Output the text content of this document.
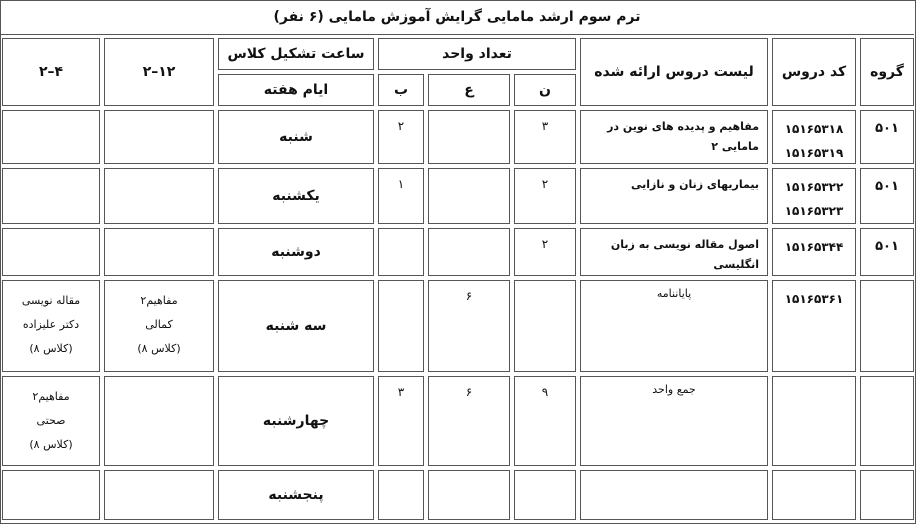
ترم سوم ارشد مامایی گرایش آموزش مامایی (۶ نفر)
گروه
کد دروس
لیست دروس ارائه شده
تعداد واحد
ساعت تشکیل کلاس
۱۲–۲
۴–۲
ن
ع
ب
ایام هفته
۵۰۱
۱۵۱۶۵۳۱۸
۱۵۱۶۵۳۱۹
مفاهیم و پدیده های نوین در مامایی ۲
۳
۲
شنبه
۵۰۱
۱۵۱۶۵۳۲۲
۱۵۱۶۵۳۲۳
بیماریهای زنان و نازایی
۲
۱
یکشنبه
۵۰۱
۱۵۱۶۵۳۴۴
اصول مقاله نویسی به زبان انگلیسی
۲
دوشنبه
۱۵۱۶۵۳۶۱
پایاننامه
۶
سه شنبه
مفاهیم۲
کمالی
(کلاس ۸)
مقاله نویسی
دکتر علیزاده
(کلاس ۸)
جمع واحد
۹
۶
۳
چهارشنبه
مفاهیم۲
صحتی
(کلاس ۸)
پنجشنبه
